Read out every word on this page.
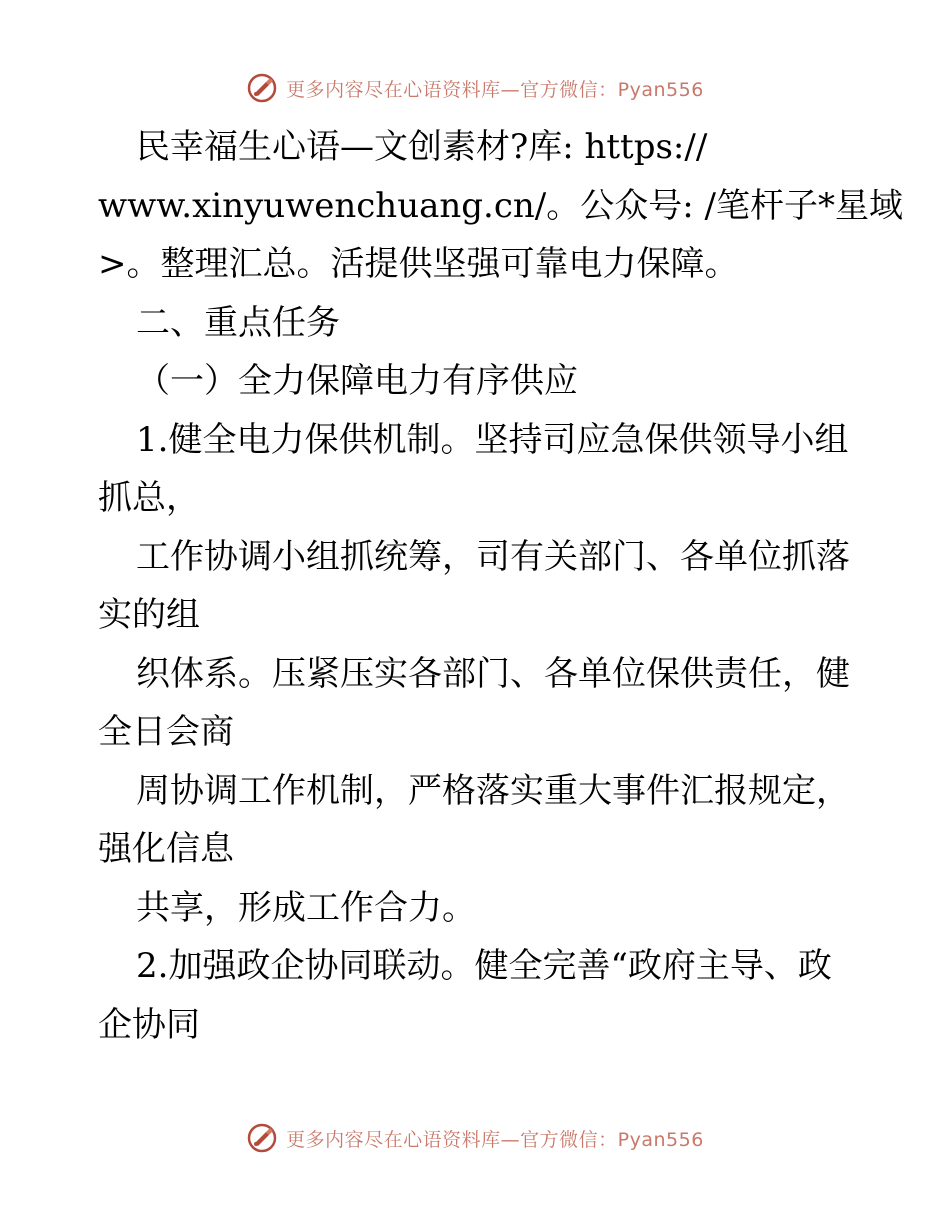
更多内容尽在心语资料库—官方微信：Pyan556
民幸福生心语—文创素材?库: https://
www.xinyuwenchuang.cn/。公众号: /笔杆子*星域
>。整理汇总。活提供坚强可靠电力保障。
二、重点任务
（一）全力保障电力有序供应
1.健全电力保供机制。坚持司应急保供领导小组
抓总，
工作协调小组抓统筹，司有关部门、各单位抓落
实的组
织体系。压紧压实各部门、各单位保供责任，健
全日会商
周协调工作机制，严格落实重大事件汇报规定，
强化信息
共享，形成工作合力。
2.加强政企协同联动。健全完善“政府主导、政
企协同
更多内容尽在心语资料库—官方微信：Pyan556
